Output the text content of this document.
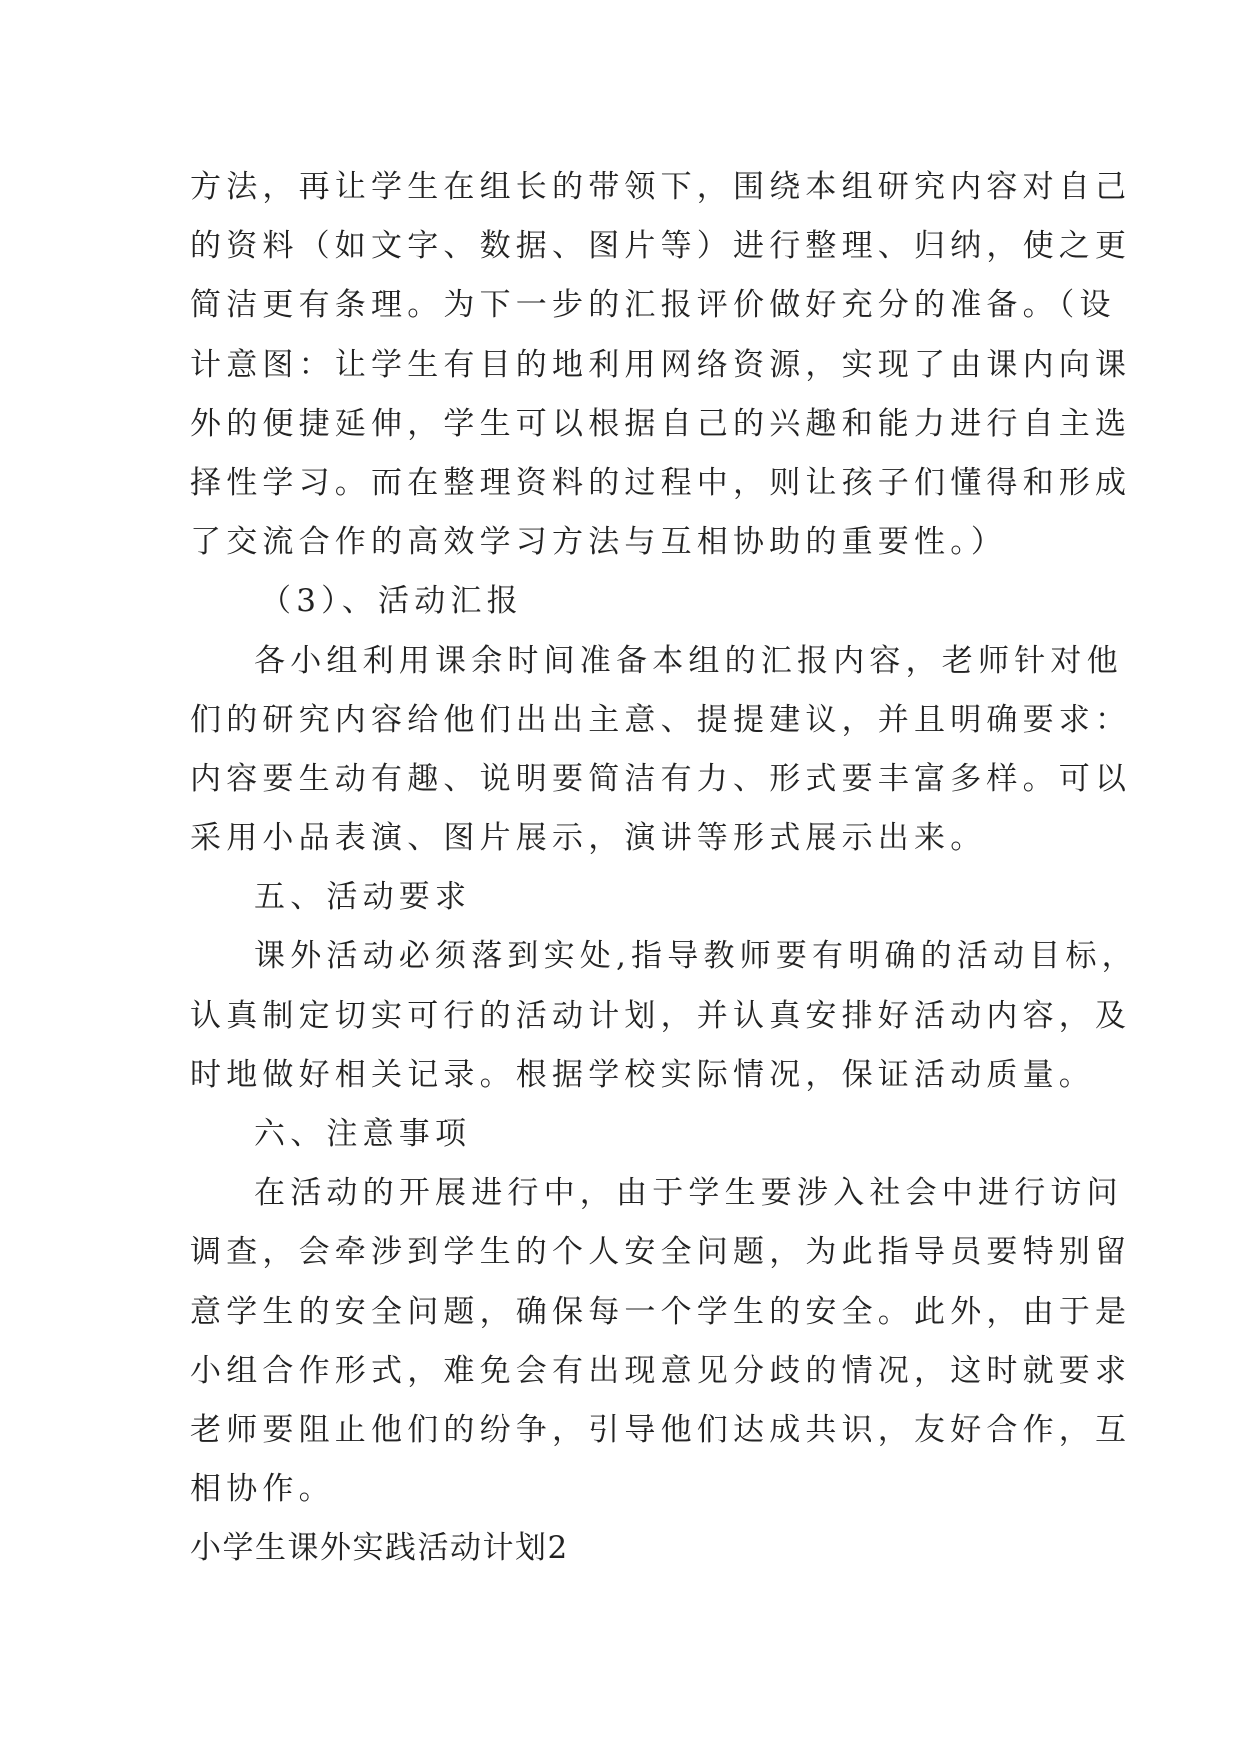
方法，再让学生在组长的带领下，围绕本组研究内容对自己
的资料（如文字、数据、图片等）进行整理、归纳，使之更
简洁更有条理。为下一步的汇报评价做好充分的准备。（设
计意图：让学生有目的地利用网络资源，实现了由课内向课
外的便捷延伸，学生可以根据自己的兴趣和能力进行自主选
择性学习。而在整理资料的过程中，则让孩子们懂得和形成
了交流合作的高效学习方法与互相协助的重要性。）
（3）、活动汇报
各小组利用课余时间准备本组的汇报内容，老师针对他
们的研究内容给他们出出主意、提提建议，并且明确要求：
内容要生动有趣、说明要简洁有力、形式要丰富多样。可以
采用小品表演、图片展示，演讲等形式展示出来。
五、活动要求
课外活动必须落到实处,指导教师要有明确的活动目标，
认真制定切实可行的活动计划，并认真安排好活动内容，及
时地做好相关记录。根据学校实际情况，保证活动质量。
六、注意事项
在活动的开展进行中，由于学生要涉入社会中进行访问
调查，会牵涉到学生的个人安全问题，为此指导员要特别留
意学生的安全问题，确保每一个学生的安全。此外，由于是
小组合作形式，难免会有出现意见分歧的情况，这时就要求
老师要阻止他们的纷争，引导他们达成共识，友好合作，互
相协作。
小学生课外实践活动计划2
